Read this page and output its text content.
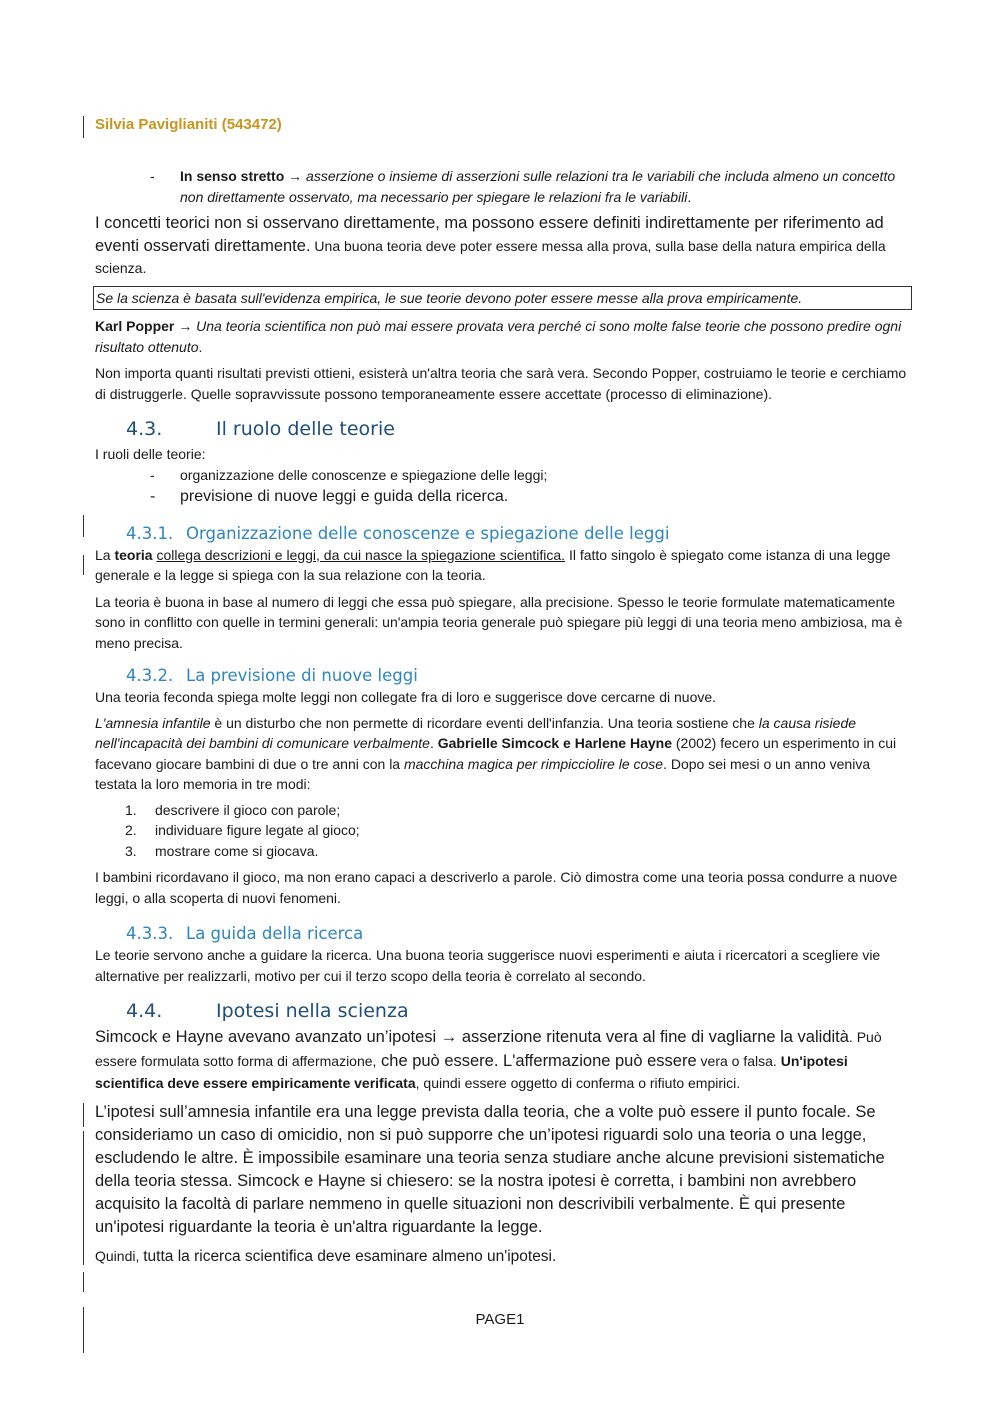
Silvia Paviglianiti (543472)

- In senso stretto → asserzione o insieme di asserzioni sulle relazioni tra le variabili che includa almeno un concetto non direttamente osservato, ma necessario per spiegare le relazioni fra le variabili.

I concetti teorici non si osservano direttamente, ma possono essere definiti indirettamente per riferimento ad eventi osservati direttamente. Una buona teoria deve poter essere messa alla prova, sulla base della natura empirica della scienza.

Se la scienza è basata sull'evidenza empirica, le sue teorie devono poter essere messe alla prova empiricamente.

Karl Popper → Una teoria scientifica non può mai essere provata vera perché ci sono molte false teorie che possono predire ogni risultato ottenuto.

Non importa quanti risultati previsti ottieni, esisterà un'altra teoria che sarà vera. Secondo Popper, costruiamo le teorie e cerchiamo di distruggerle. Quelle sopravvissute possono temporaneamente essere accettate (processo di eliminazione).

4.3.	Il ruolo delle teorie

I ruoli delle teorie:

- organizzazione delle conoscenze e spiegazione delle leggi;

- previsione di nuove leggi e guida della ricerca.

4.3.1. Organizzazione delle conoscenze e spiegazione delle leggi

La teoria collega descrizioni e leggi, da cui nasce la spiegazione scientifica. Il fatto singolo è spiegato come istanza di una legge generale e la legge si spiega con la sua relazione con la teoria.

La teoria è buona in base al numero di leggi che essa può spiegare, alla precisione. Spesso le teorie formulate matematicamente sono in conflitto con quelle in termini generali: un'ampia teoria generale può spiegare più leggi di una teoria meno ambiziosa, ma è meno precisa.

4.3.2. La previsione di nuove leggi

Una teoria feconda spiega molte leggi non collegate fra di loro e suggerisce dove cercarne di nuove.

L'amnesia infantile è un disturbo che non permette di ricordare eventi dell'infanzia. Una teoria sostiene che la causa risiede nell'incapacità dei bambini di comunicare verbalmente. Gabrielle Simcock e Harlene Hayne (2002) fecero un esperimento in cui facevano giocare bambini di due o tre anni con la macchina magica per rimpicciolire le cose. Dopo sei mesi o un anno veniva testata la loro memoria in tre modi:

1. descrivere il gioco con parole;

2. individuare figure legate al gioco;

3. mostrare come si giocava.

I bambini ricordavano il gioco, ma non erano capaci a descriverlo a parole. Ciò dimostra come una teoria possa condurre a nuove leggi, o alla scoperta di nuovi fenomeni.

4.3.3. La guida della ricerca

Le teorie servono anche a guidare la ricerca. Una buona teoria suggerisce nuovi esperimenti e aiuta i ricercatori a scegliere vie alternative per realizzarli, motivo per cui il terzo scopo della teoria è correlato al secondo.

4.4.	Ipotesi nella scienza

Simcock e Hayne avevano avanzato un’ipotesi → asserzione ritenuta vera al fine di vagliarne la validità. Può essere formulata sotto forma di affermazione, che può essere. L'affermazione può essere vera o falsa. Un'ipotesi scientifica deve essere empiricamente verificata, quindi essere oggetto di conferma o rifiuto empirici.

L’ipotesi sull’amnesia infantile era una legge prevista dalla teoria, che a volte può essere il punto focale. Se consideriamo un caso di omicidio, non si può supporre che un’ipotesi riguardi solo una teoria o una legge, escludendo le altre. È impossibile esaminare una teoria senza studiare anche alcune previsioni sistematiche della teoria stessa. Simcock e Hayne si chiesero: se la nostra ipotesi è corretta, i bambini non avrebbero acquisito la facoltà di parlare nemmeno in quelle situazioni non descrivibili verbalmente. È qui presente un'ipotesi riguardante la teoria è un'altra riguardante la legge.

Quindi, tutta la ricerca scientifica deve esaminare almeno un'ipotesi.

PAGE1
